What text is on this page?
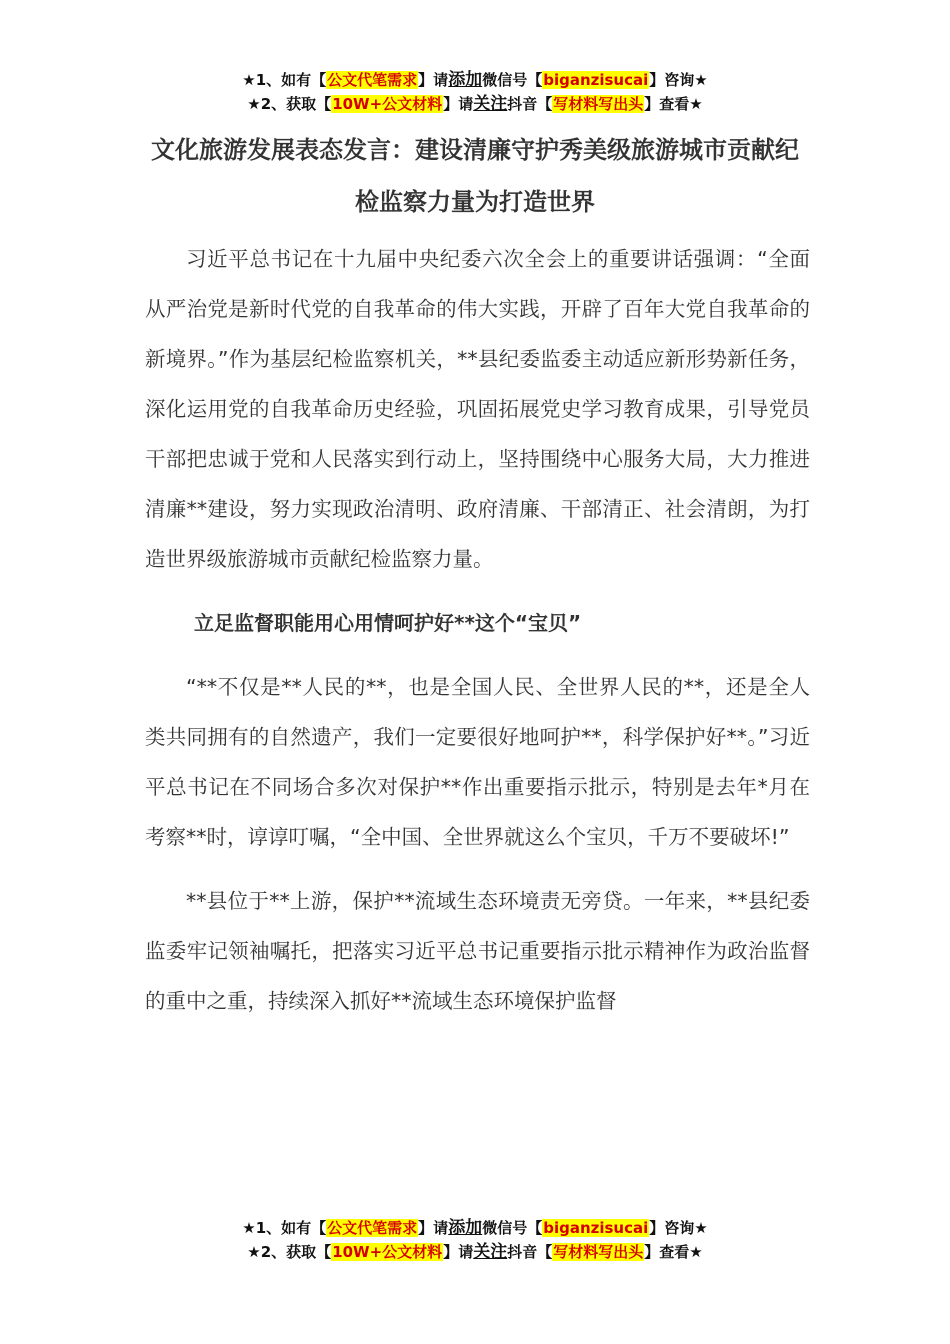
★1、如有【公文代笔需求】请添加微信号【biganzisucai】咨询★
★2、获取【10W+公文材料】请关注抖音【写材料写出头】查看★
文化旅游发展表态发言：建设清廉守护秀美级旅游城市贡献纪检监察力量为打造世界

习近平总书记在十九届中央纪委六次全会上的重要讲话强调：“全面从严治党是新时代党的自我革命的伟大实践，开辟了百年大党自我革命的新境界。”作为基层纪检监察机关，**县纪委监委主动适应新形势新任务，深化运用党的自我革命历史经验，巩固拓展党史学习教育成果，引导党员干部把忠诚于党和人民落实到行动上，坚持围绕中心服务大局，大力推进清廉**建设，努力实现政治清明、政府清廉、干部清正、社会清朗，为打造世界级旅游城市贡献纪检监察力量。

立足监督职能用心用情呵护好**这个“宝贝”

“**不仅是**人民的**，也是全国人民、全世界人民的**，还是全人类共同拥有的自然遗产，我们一定要很好地呵护**，科学保护好**。”习近平总书记在不同场合多次对保护**作出重要指示批示，特别是去年*月在考察**时，谆谆叮嘱，“全中国、全世界就这么个宝贝，千万不要破坏!”

**县位于**上游，保护**流域生态环境责无旁贷。一年来，**县纪委监委牢记领袖嘱托，把落实习近平总书记重要指示批示精神作为政治监督的重中之重，持续深入抓好**流域生态环境保护监督

★1、如有【公文代笔需求】请添加微信号【biganzisucai】咨询★
★2、获取【10W+公文材料】请关注抖音【写材料写出头】查看★
